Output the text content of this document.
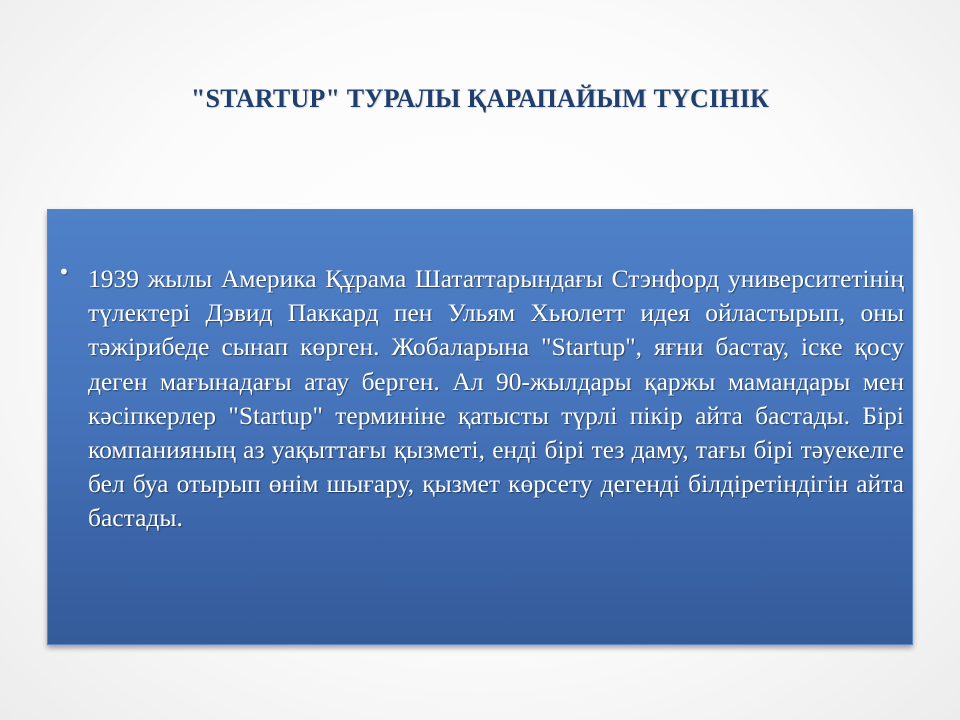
"STARTUP" ТУРАЛЫ ҚАРАПАЙЫМ ТҮСІНІК
• 1939 жылы Америка Құрама Шататтарындағы Стэнфорд университетінің түлектері Дэвид Паккард пен Ульям Хьюлетт идея ойластырып, оны тәжірибеде сынап көрген. Жобаларына "Startup", яғни бастау, іске қосу деген мағынадағы атау берген. Ал 90-жылдары қаржы мамандары мен кәсіпкерлер "Startup" терминіне қатысты түрлі пікір айта бастады. Бірі компанияның аз уақыттағы қызметі, енді бірі тез даму, тағы бірі тәуекелге бел буа отырып өнім шығару, қызмет көрсету дегенді білдіретіндігін айта бастады.
